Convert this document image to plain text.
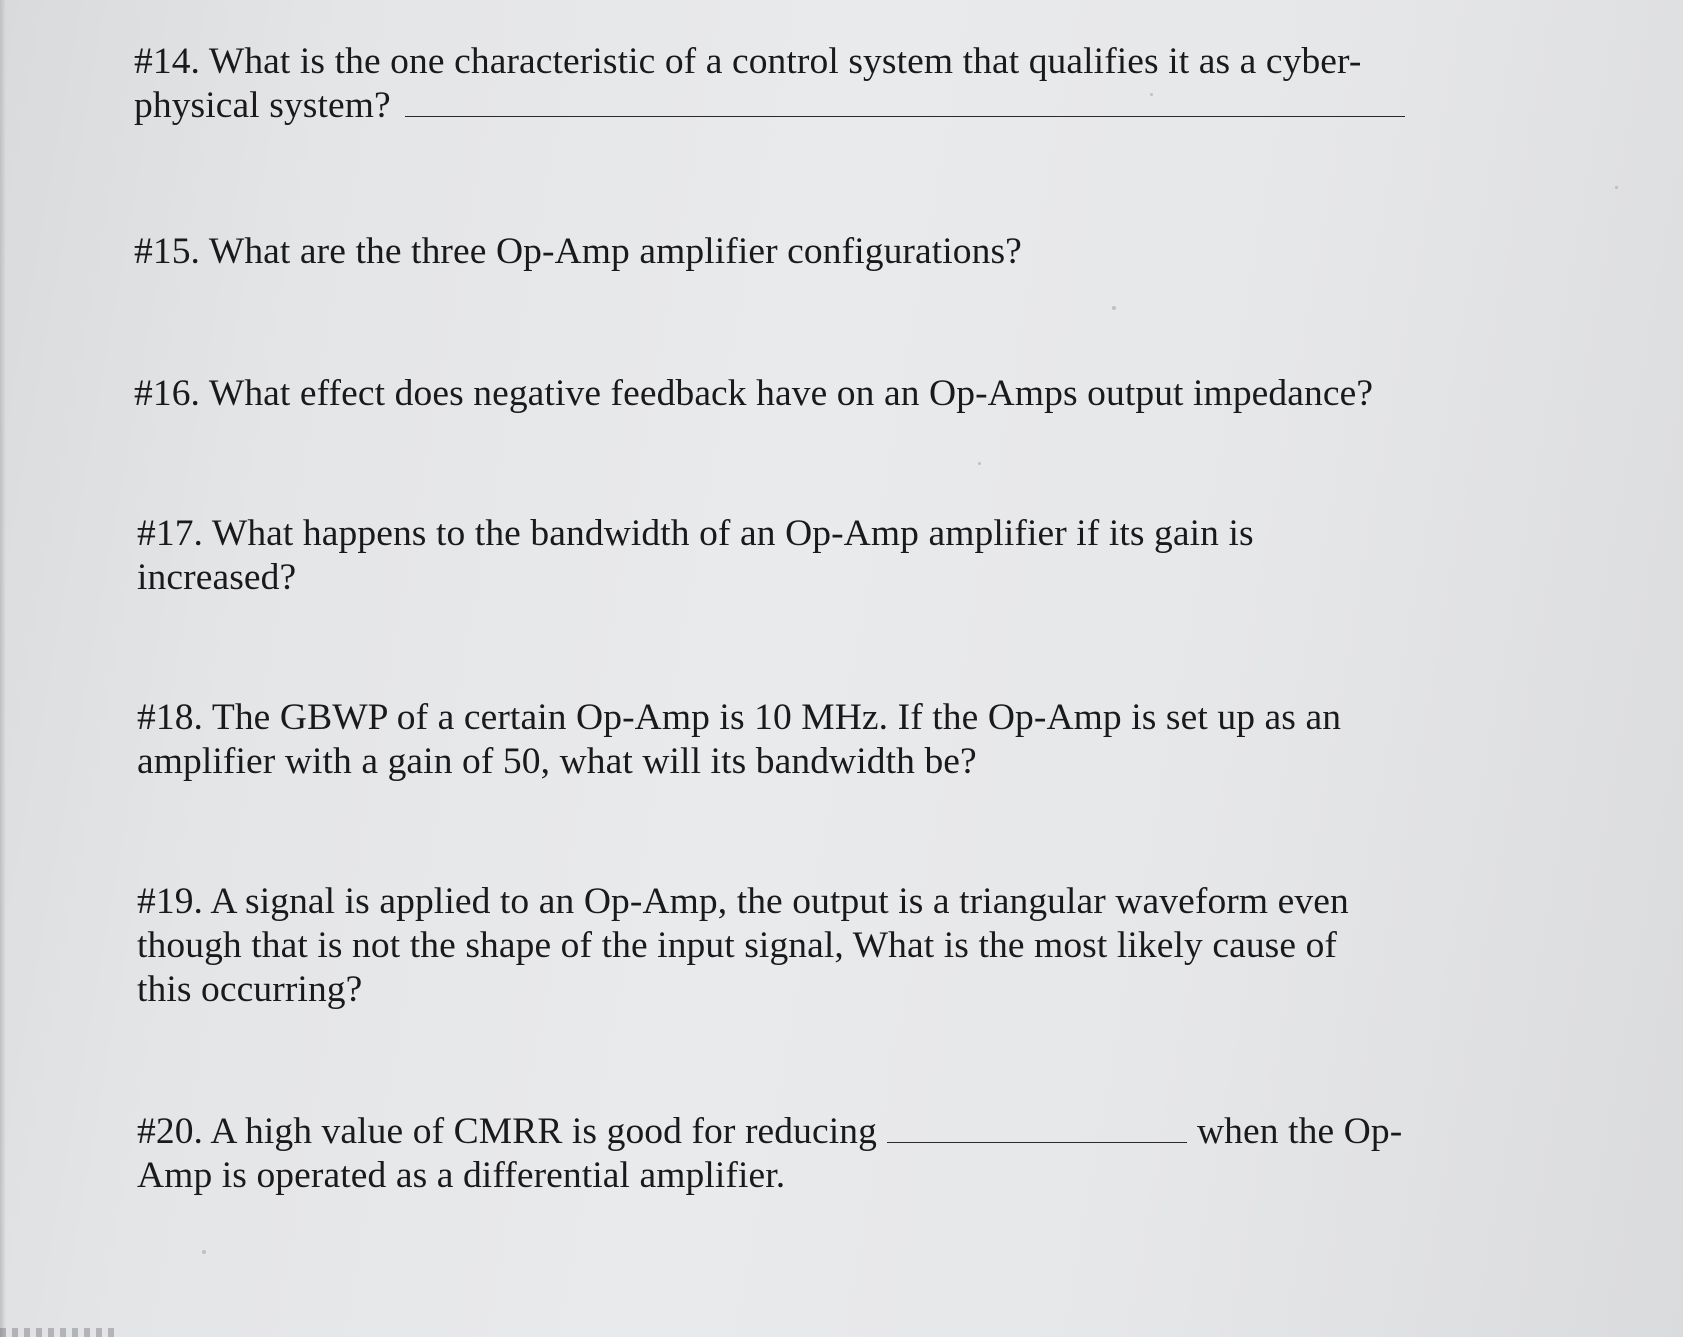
#14. What is the one characteristic of a control system that qualifies it as a cyber-
physical system?
#15. What are the three Op-Amp amplifier configurations?
#16. What effect does negative feedback have on an Op-Amps output impedance?
#17. What happens to the bandwidth of an Op-Amp amplifier if its gain is
increased?
#18. The GBWP of a certain Op-Amp is 10 MHz. If the Op-Amp is set up as an
amplifier with a gain of 50, what will its bandwidth be?
#19. A signal is applied to an Op-Amp, the output is a triangular waveform even
though that is not the shape of the input signal, What is the most likely cause of
this occurring?
#20. A high value of CMRR is good for reducing	when the Op-
Amp is operated as a differential amplifier.
